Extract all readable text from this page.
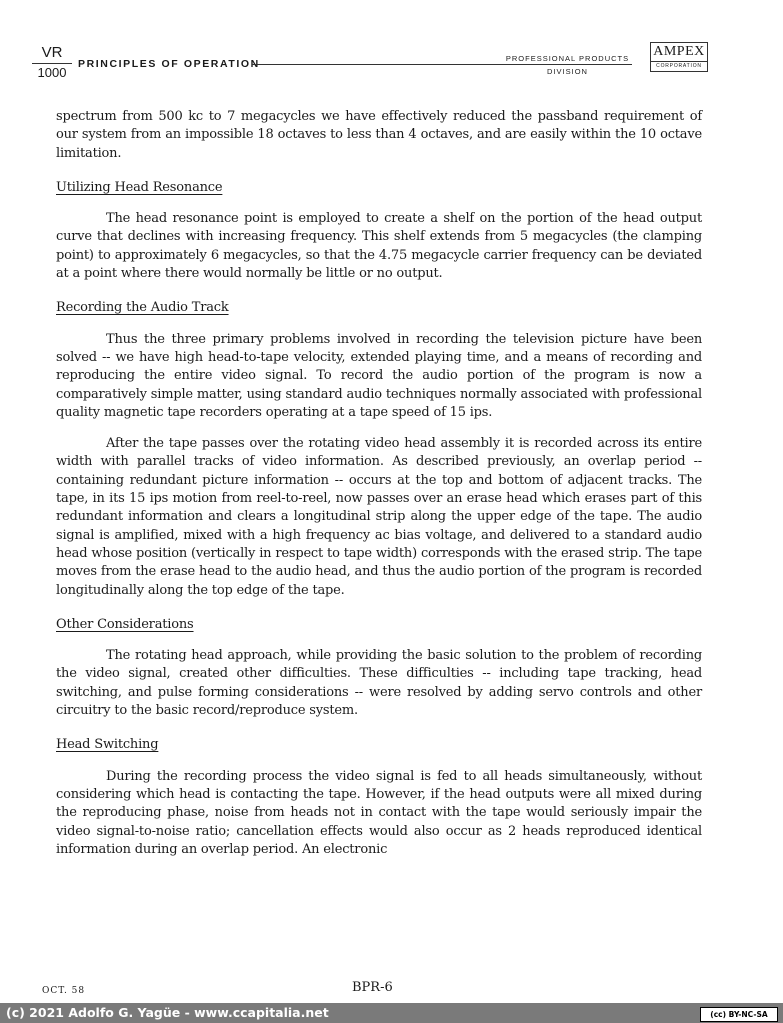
VR
1000
PRINCIPLES OF OPERATION	PROFESSIONAL PRODUCTS
DIVISION
AMPEX
CORPORATION

spectrum from 500 kc to 7 megacycles we have effectively reduced the passband requirement of our system from an impossible 18 octaves to less than 4 octaves, and are easily within the 10 octave limitation.

Utilizing Head Resonance

The head resonance point is employed to create a shelf on the portion of the head output curve that declines with increasing frequency. This shelf extends from 5 megacycles (the clamping point) to approximately 6 megacycles, so that the 4.75 megacycle carrier frequency can be deviated at a point where there would normally be little or no output.

Recording the Audio Track

Thus the three primary problems involved in recording the television picture have been solved -- we have high head-to-tape velocity, extended playing time, and a means of recording and reproducing the entire video signal. To record the audio portion of the program is now a comparatively simple matter, using standard audio techniques normally associated with professional quality magnetic tape recorders operating at a tape speed of 15 ips.

After the tape passes over the rotating video head assembly it is recorded across its entire width with parallel tracks of video information. As described previously, an overlap period -- containing redundant picture information -- occurs at the top and bottom of adjacent tracks. The tape, in its 15 ips motion from reel-to-reel, now passes over an erase head which erases part of this redundant information and clears a longitudinal strip along the upper edge of the tape. The audio signal is amplified, mixed with a high frequency ac bias voltage, and delivered to a standard audio head whose position (vertically in respect to tape width) corresponds with the erased strip. The tape moves from the erase head to the audio head, and thus the audio portion of the program is recorded longitudinally along the top edge of the tape.

Other Considerations

The rotating head approach, while providing the basic solution to the problem of recording the video signal, created other difficulties. These difficulties -- including tape tracking, head switching, and pulse forming considerations -- were resolved by adding servo controls and other circuitry to the basic record/reproduce system.

Head Switching

During the recording process the video signal is fed to all heads simultaneously, without considering which head is contacting the tape. However, if the head outputs were all mixed during the reproducing phase, noise from heads not in contact with the tape would seriously impair the video signal-to-noise ratio; cancellation effects would also occur as 2 heads reproduced identical information during an overlap period. An electronic

OCT. 58	BPR-6
(c) 2021 Adolfo G. Yagüe - www.ccapitalia.net	(cc) BY-NC-SA
